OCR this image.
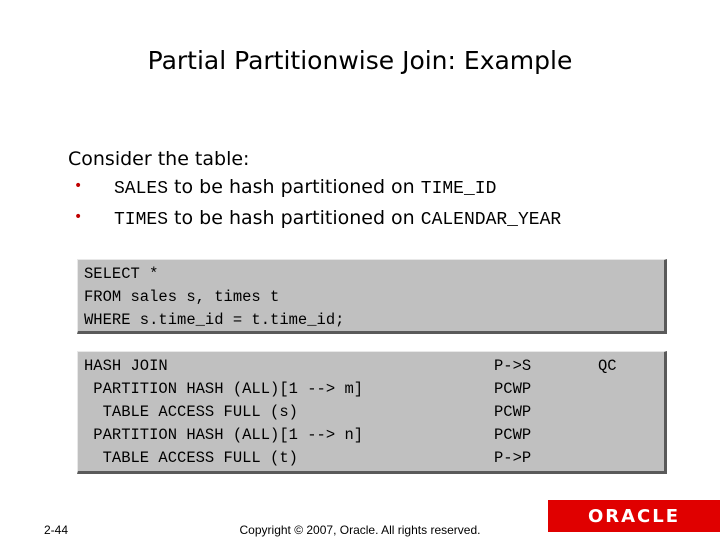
Partial Partitionwise Join: Example
Consider the table:
• SALES to be hash partitioned on TIME_ID
• TIMES to be hash partitioned on CALENDAR_YEAR
SELECT *
FROM sales s, times t
WHERE s.time_id = t.time_id;

HASH JOIN
PARTITION HASH (ALL)[1 --> m]
TABLE ACCESS FULL (s)
PARTITION HASH (ALL)[1 --> n]
TABLE ACCESS FULL (t)

P->S
PCWP
PCWP
PCWP
P->P

QC

2-44	Copyright © 2007, Oracle. All rights reserved.
ORACLE
